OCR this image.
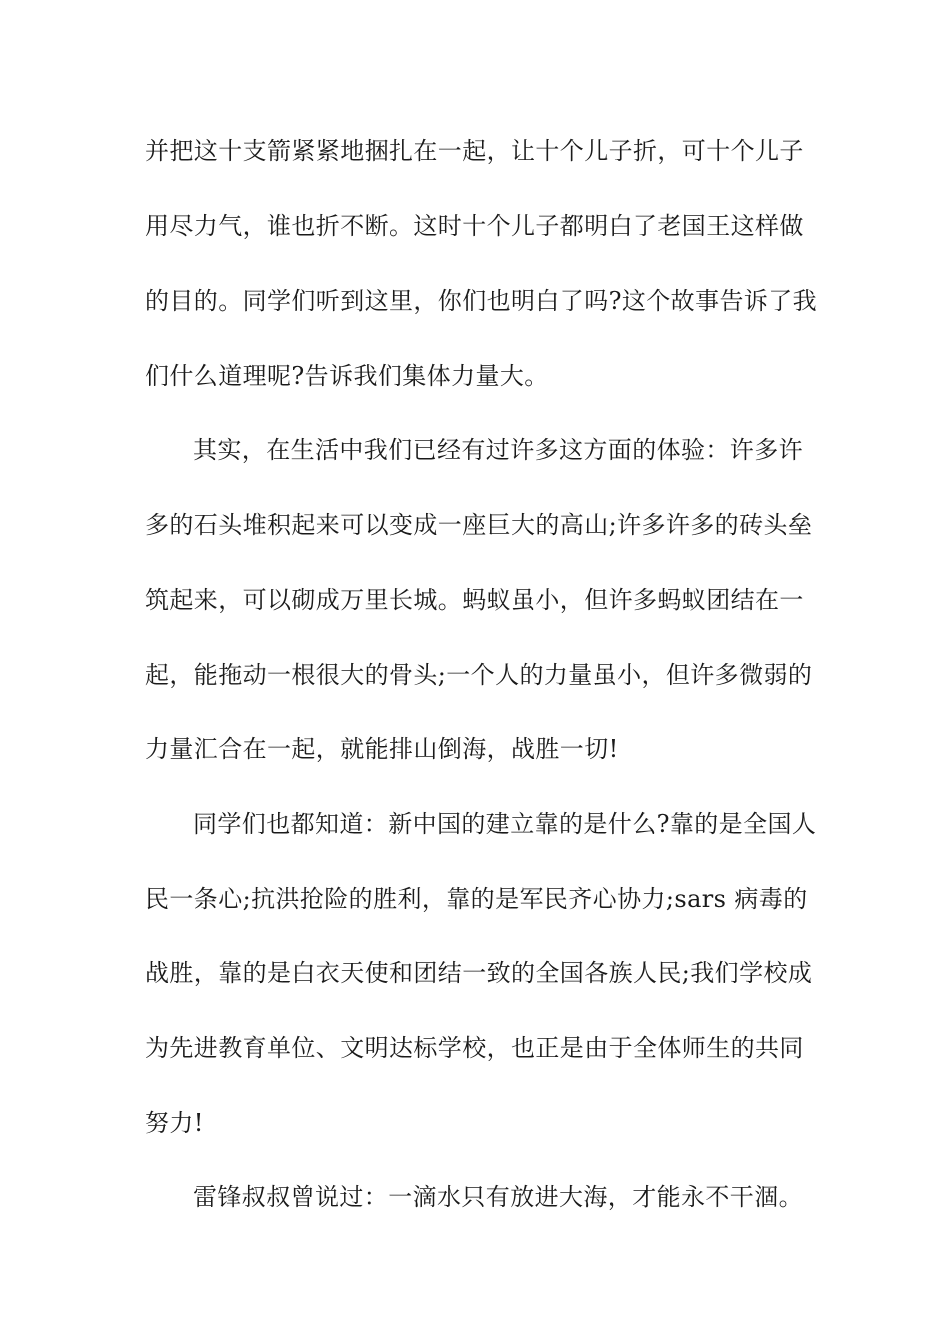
并把这十支箭紧紧地捆扎在一起，让十个儿子折，可十个儿子
用尽力气，谁也折不断。这时十个儿子都明白了老国王这样做
的目的。同学们听到这里，你们也明白了吗?这个故事告诉了我
们什么道理呢?告诉我们集体力量大。
其实，在生活中我们已经有过许多这方面的体验：许多许
多的石头堆积起来可以变成一座巨大的高山;许多许多的砖头垒
筑起来，可以砌成万里长城。蚂蚁虽小，但许多蚂蚁团结在一
起，能拖动一根很大的骨头;一个人的力量虽小，但许多微弱的
力量汇合在一起，就能排山倒海，战胜一切!
同学们也都知道：新中国的建立靠的是什么?靠的是全国人
民一条心;抗洪抢险的胜利，靠的是军民齐心协力;sars 病毒的
战胜，靠的是白衣天使和团结一致的全国各族人民;我们学校成
为先进教育单位、文明达标学校，也正是由于全体师生的共同
努力!
雷锋叔叔曾说过：一滴水只有放进大海，才能永不干涸。
